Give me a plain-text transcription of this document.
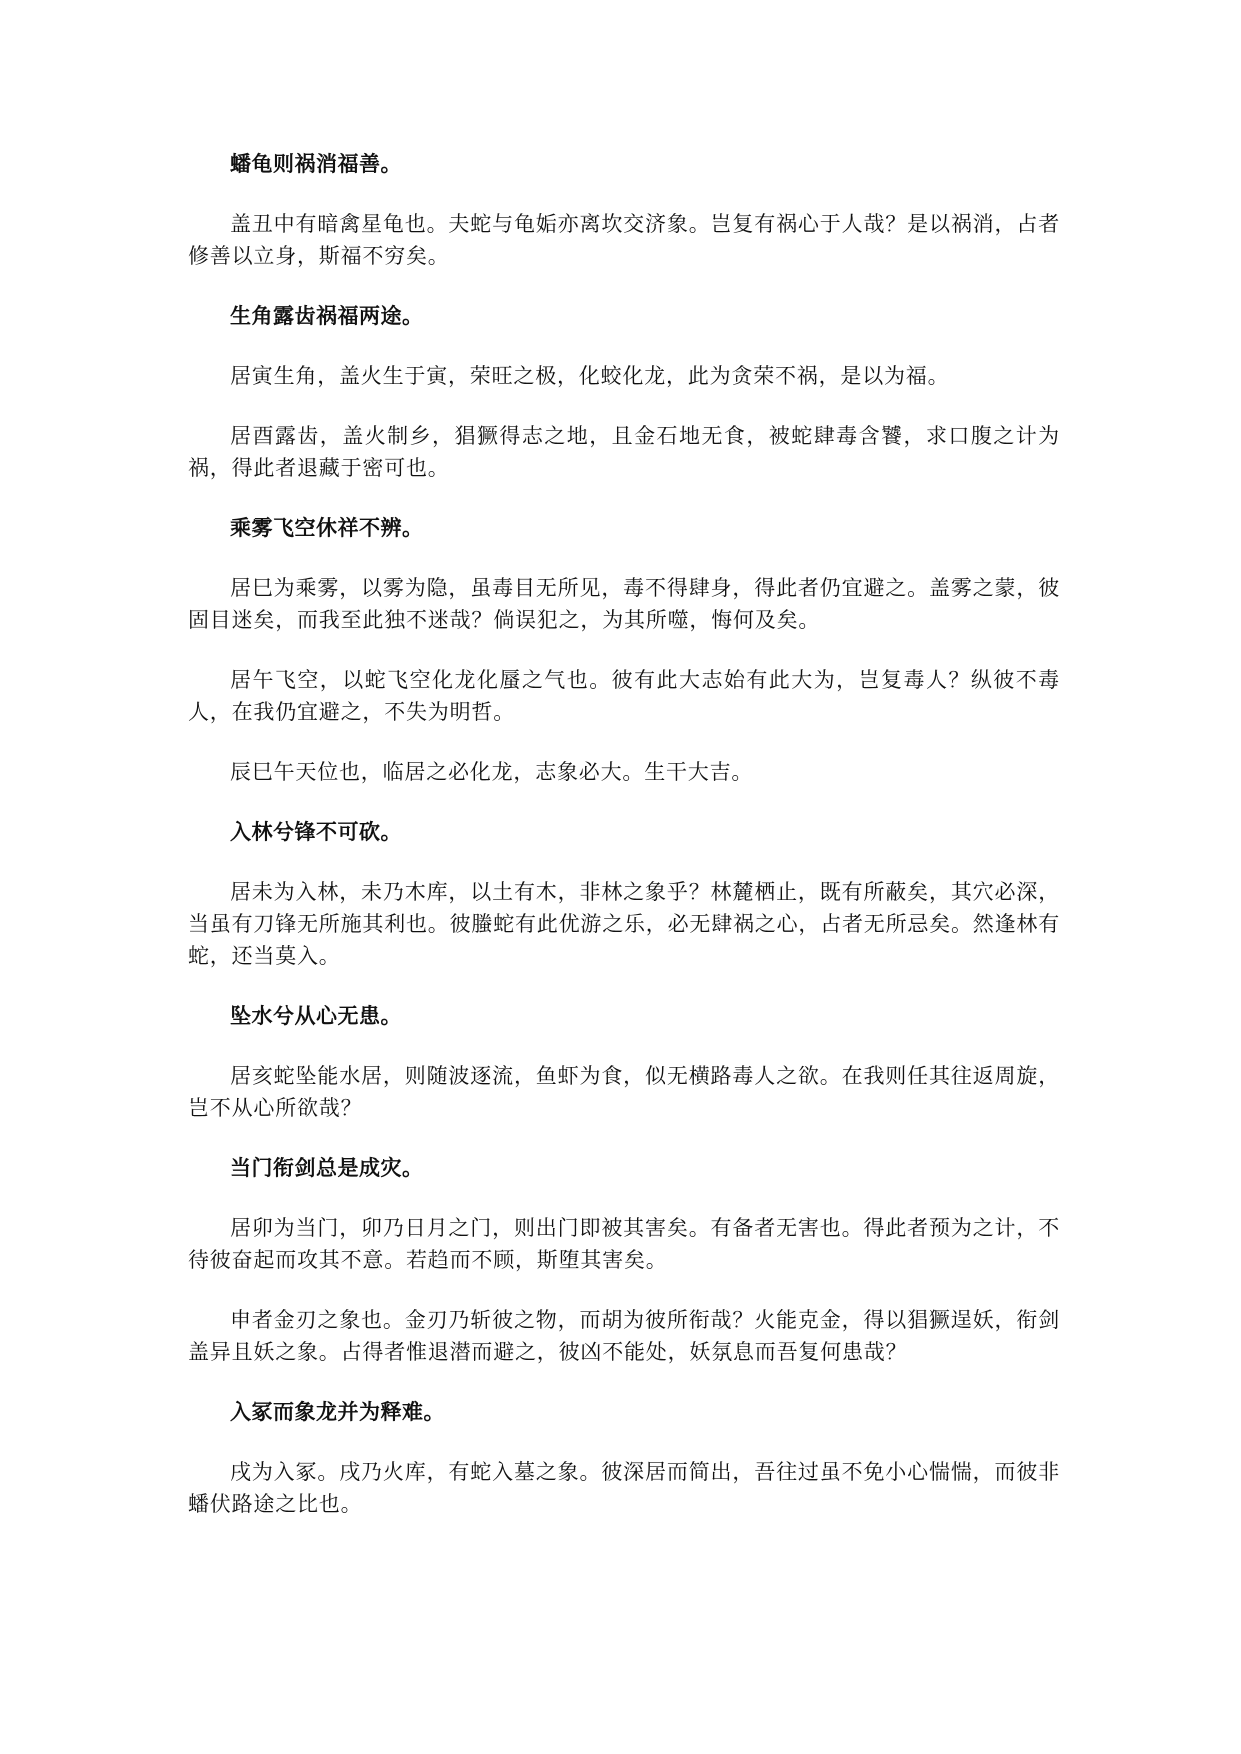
蟠龟则祸消福善。

盖丑中有暗禽星龟也。夫蛇与龟姤亦离坎交济象。岂复有祸心于人哉？是以祸消，占者修善以立身，斯福不穷矣。

生角露齿祸福两途。

居寅生角，盖火生于寅，荣旺之极，化蛟化龙，此为贪荣不祸，是以为福。

居酉露齿，盖火制乡，猖獗得志之地，且金石地无食，被蛇肆毒含饕，求口腹之计为祸，得此者退藏于密可也。

乘雾飞空休祥不辨。

居巳为乘雾，以雾为隐，虽毒目无所见，毒不得肆身，得此者仍宜避之。盖雾之蒙，彼固目迷矣，而我至此独不迷哉？倘误犯之，为其所噬，悔何及矣。

居午飞空，以蛇飞空化龙化蜃之气也。彼有此大志始有此大为，岂复毒人？纵彼不毒人，在我仍宜避之，不失为明哲。

辰巳午天位也，临居之必化龙，志象必大。生干大吉。

入林兮锋不可砍。

居未为入林，未乃木库，以土有木，非林之象乎？林麓栖止，既有所蔽矣，其穴必深，当虽有刀锋无所施其利也。彼螣蛇有此优游之乐，必无肆祸之心，占者无所忌矣。然逢林有蛇，还当莫入。

坠水兮从心无患。

居亥蛇坠能水居，则随波逐流，鱼虾为食，似无横路毒人之欲。在我则任其往返周旋，岂不从心所欲哉？

当门衔剑总是成灾。

居卯为当门，卯乃日月之门，则出门即被其害矣。有备者无害也。得此者预为之计，不待彼奋起而攻其不意。若趋而不顾，斯堕其害矣。

申者金刃之象也。金刃乃斩彼之物，而胡为彼所衔哉？火能克金，得以猖獗逞妖，衔剑盖异且妖之象。占得者惟退潜而避之，彼凶不能处，妖氛息而吾复何患哉？

入冢而象龙并为释难。

戌为入冢。戌乃火库，有蛇入墓之象。彼深居而简出，吾往过虽不免小心惴惴，而彼非蟠伏路途之比也。
